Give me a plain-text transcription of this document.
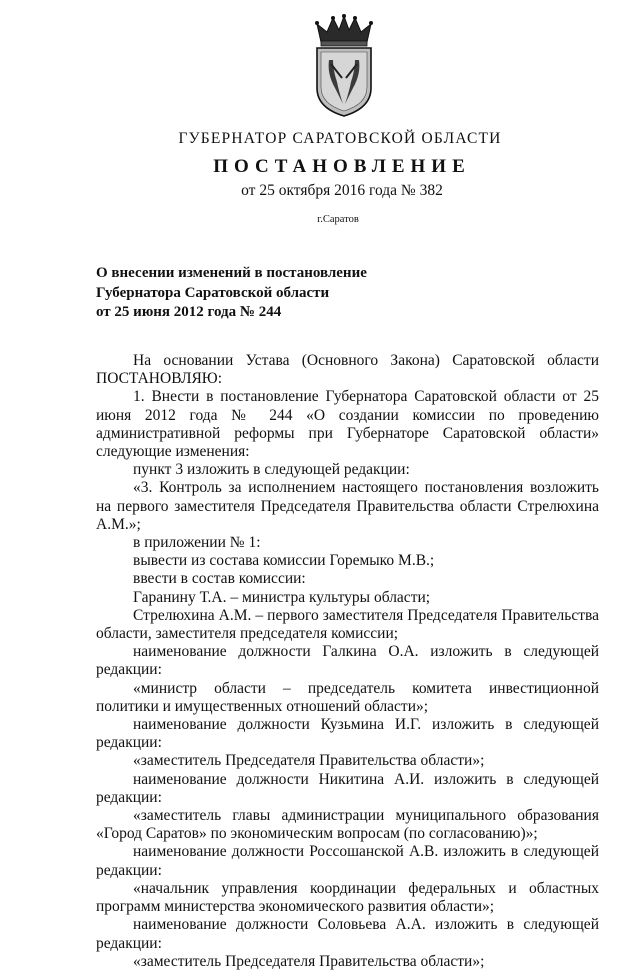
ГУБЕРНАТОР САРАТОВСКОЙ ОБЛАСТИ
ПОСТАНОВЛЕНИЕ
от 25 октября 2016 года № 382
г.Саратов
О внесении изменений в постановление
Губернатора Саратовской области
от 25 июня 2012 года № 244

На основании Устава (Основного Закона) Саратовской области

ПОСТАНОВЛЯЮ:

1. Внести в постановление Губернатора Саратовской области от 25 июня 2012 года № 244 «О создании комиссии по проведению административной реформы при Губернаторе Саратовской области» следующие изменения:

пункт 3 изложить в следующей редакции:

«3. Контроль за исполнением настоящего постановления возложить на первого заместителя Председателя Правительства области Стрелюхина А.М.»;

в приложении № 1:

вывести из состава комиссии Горемыко М.В.;

ввести в состав комиссии:

Гаранину Т.А. – министра культуры области;

Стрелюхина А.М. – первого заместителя Председателя Правительства области, заместителя председателя комиссии;

наименование должности Галкина О.А. изложить в следующей редакции:

«министр области – председатель комитета инвестиционной политики и имущественных отношений области»;

наименование должности Кузьмина И.Г. изложить в следующей редакции:

«заместитель Председателя Правительства области»;

наименование должности Никитина А.И. изложить в следующей редакции:

«заместитель главы администрации муниципального образования «Город Саратов» по экономическим вопросам (по согласованию)»;

наименование должности Россошанской А.В. изложить в следующей редакции:

«начальник управления координации федеральных и областных программ министерства экономического развития области»;

наименование должности Соловьева А.А. изложить в следующей редакции:

«заместитель Председателя Правительства области»;
